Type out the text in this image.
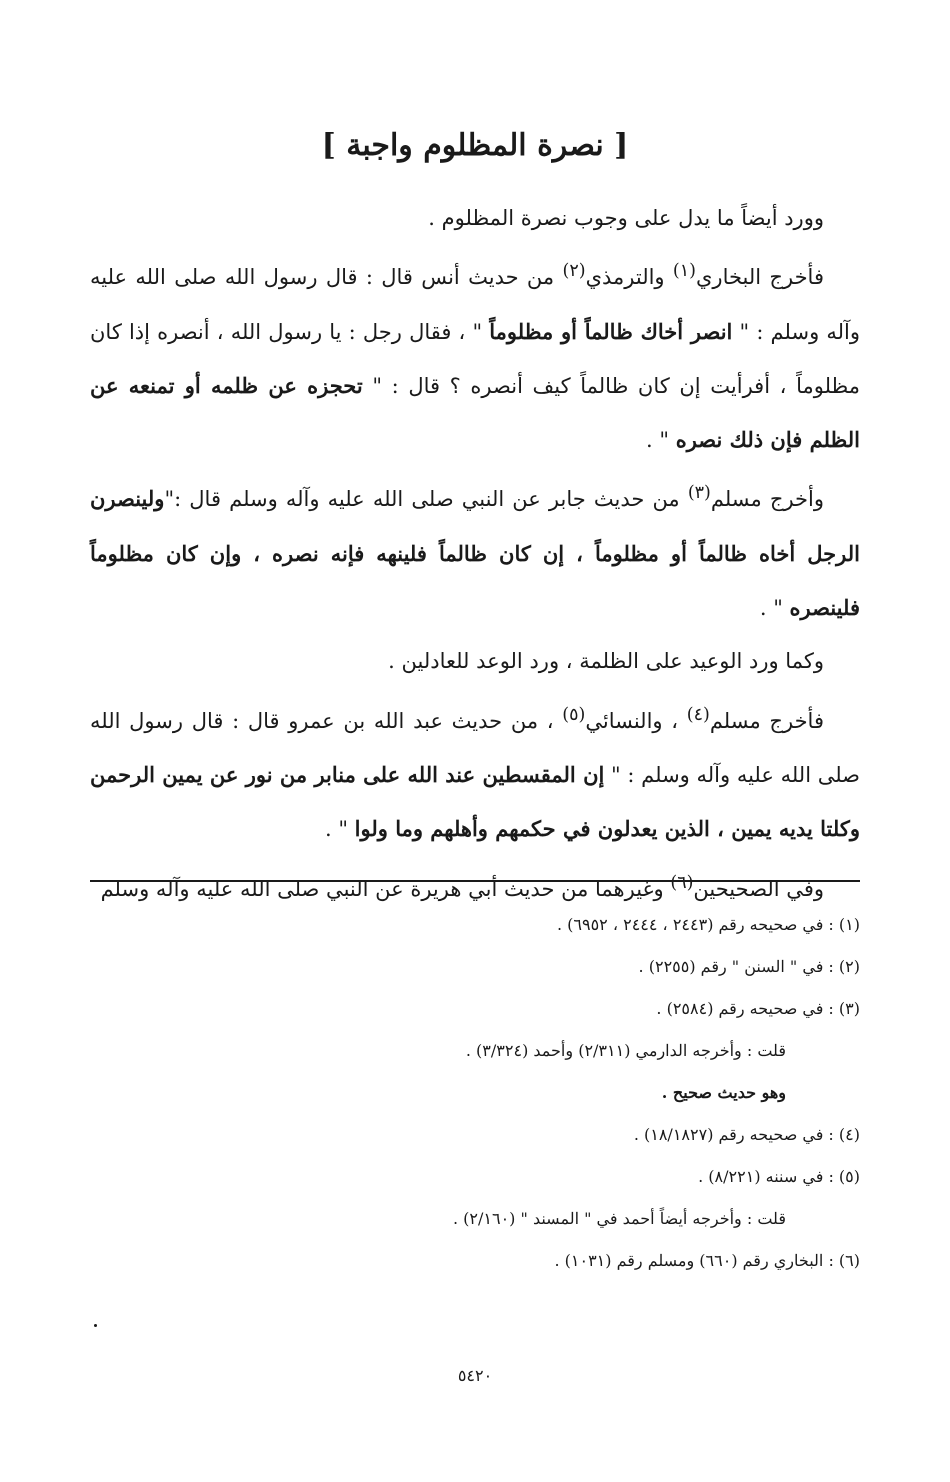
[ نصرة المظلوم واجبة ]

وورد أيضاً ما يدل على وجوب نصرة المظلوم .

فأخرج البخاري$^{(١)}$ والترمذي$^{(٢)}$ من حديث أنس قال : قال رسول الله صلى الله عليه وآله وسلم : " انصر أخاك ظالماً أو مظلوماً " ، فقال رجل : يا رسول الله ، أنصره إذا كان مظلوماً ، أفرأيت إن كان ظالماً كيف أنصره ؟ قال : " تحجزه عن ظلمه أو تمنعه عن الظلم فإن ذلك نصره " .

وأخرج مسلم$^{(٣)}$ من حديث جابر عن النبي صلى الله عليه وآله وسلم قال :"ولينصرن الرجل أخاه ظالماً أو مظلوماً ، إن كان ظالماً فلينهه فإنه نصره ، وإن كان مظلوماً فلينصره " .

وكما ورد الوعيد على الظلمة ، ورد الوعد للعادلين .

فأخرج مسلم$^{(٤)}$ ، والنسائي$^{(٥)}$ ، من حديث عبد الله بن عمرو قال : قال رسول الله صلى الله عليه وآله وسلم : " إن المقسطين عند الله على منابر من نور عن يمين الرحمن وكلتا يديه يمين ، الذين يعدلون في حكمهم وأهلهم وما ولوا " .

وفي الصحيحين$^{(٦)}$ وغيرهما من حديث أبي هريرة عن النبي صلى الله عليه وآله وسلم

(١) : في صحيحه رقم (٢٤٤٣ ، ٢٤٤٤ ، ٦٩٥٢) .
(٢) : في " السنن " رقم (٢٢٥٥) .
(٣) : في صحيحه رقم (٢٥٨٤) .
قلت : وأخرجه الدارمي (٢/٣١١) وأحمد (٣/٣٢٤) .
وهو حديث صحيح .
(٤) : في صحيحه رقم (١٨/١٨٢٧) .
(٥) : في سننه (٨/٢٢١) .
قلت : وأخرجه أيضاً أحمد في " المسند " (٢/١٦٠) .
(٦) : البخاري رقم (٦٦٠) ومسلم رقم (١٠٣١) .
٥٤٢٠
